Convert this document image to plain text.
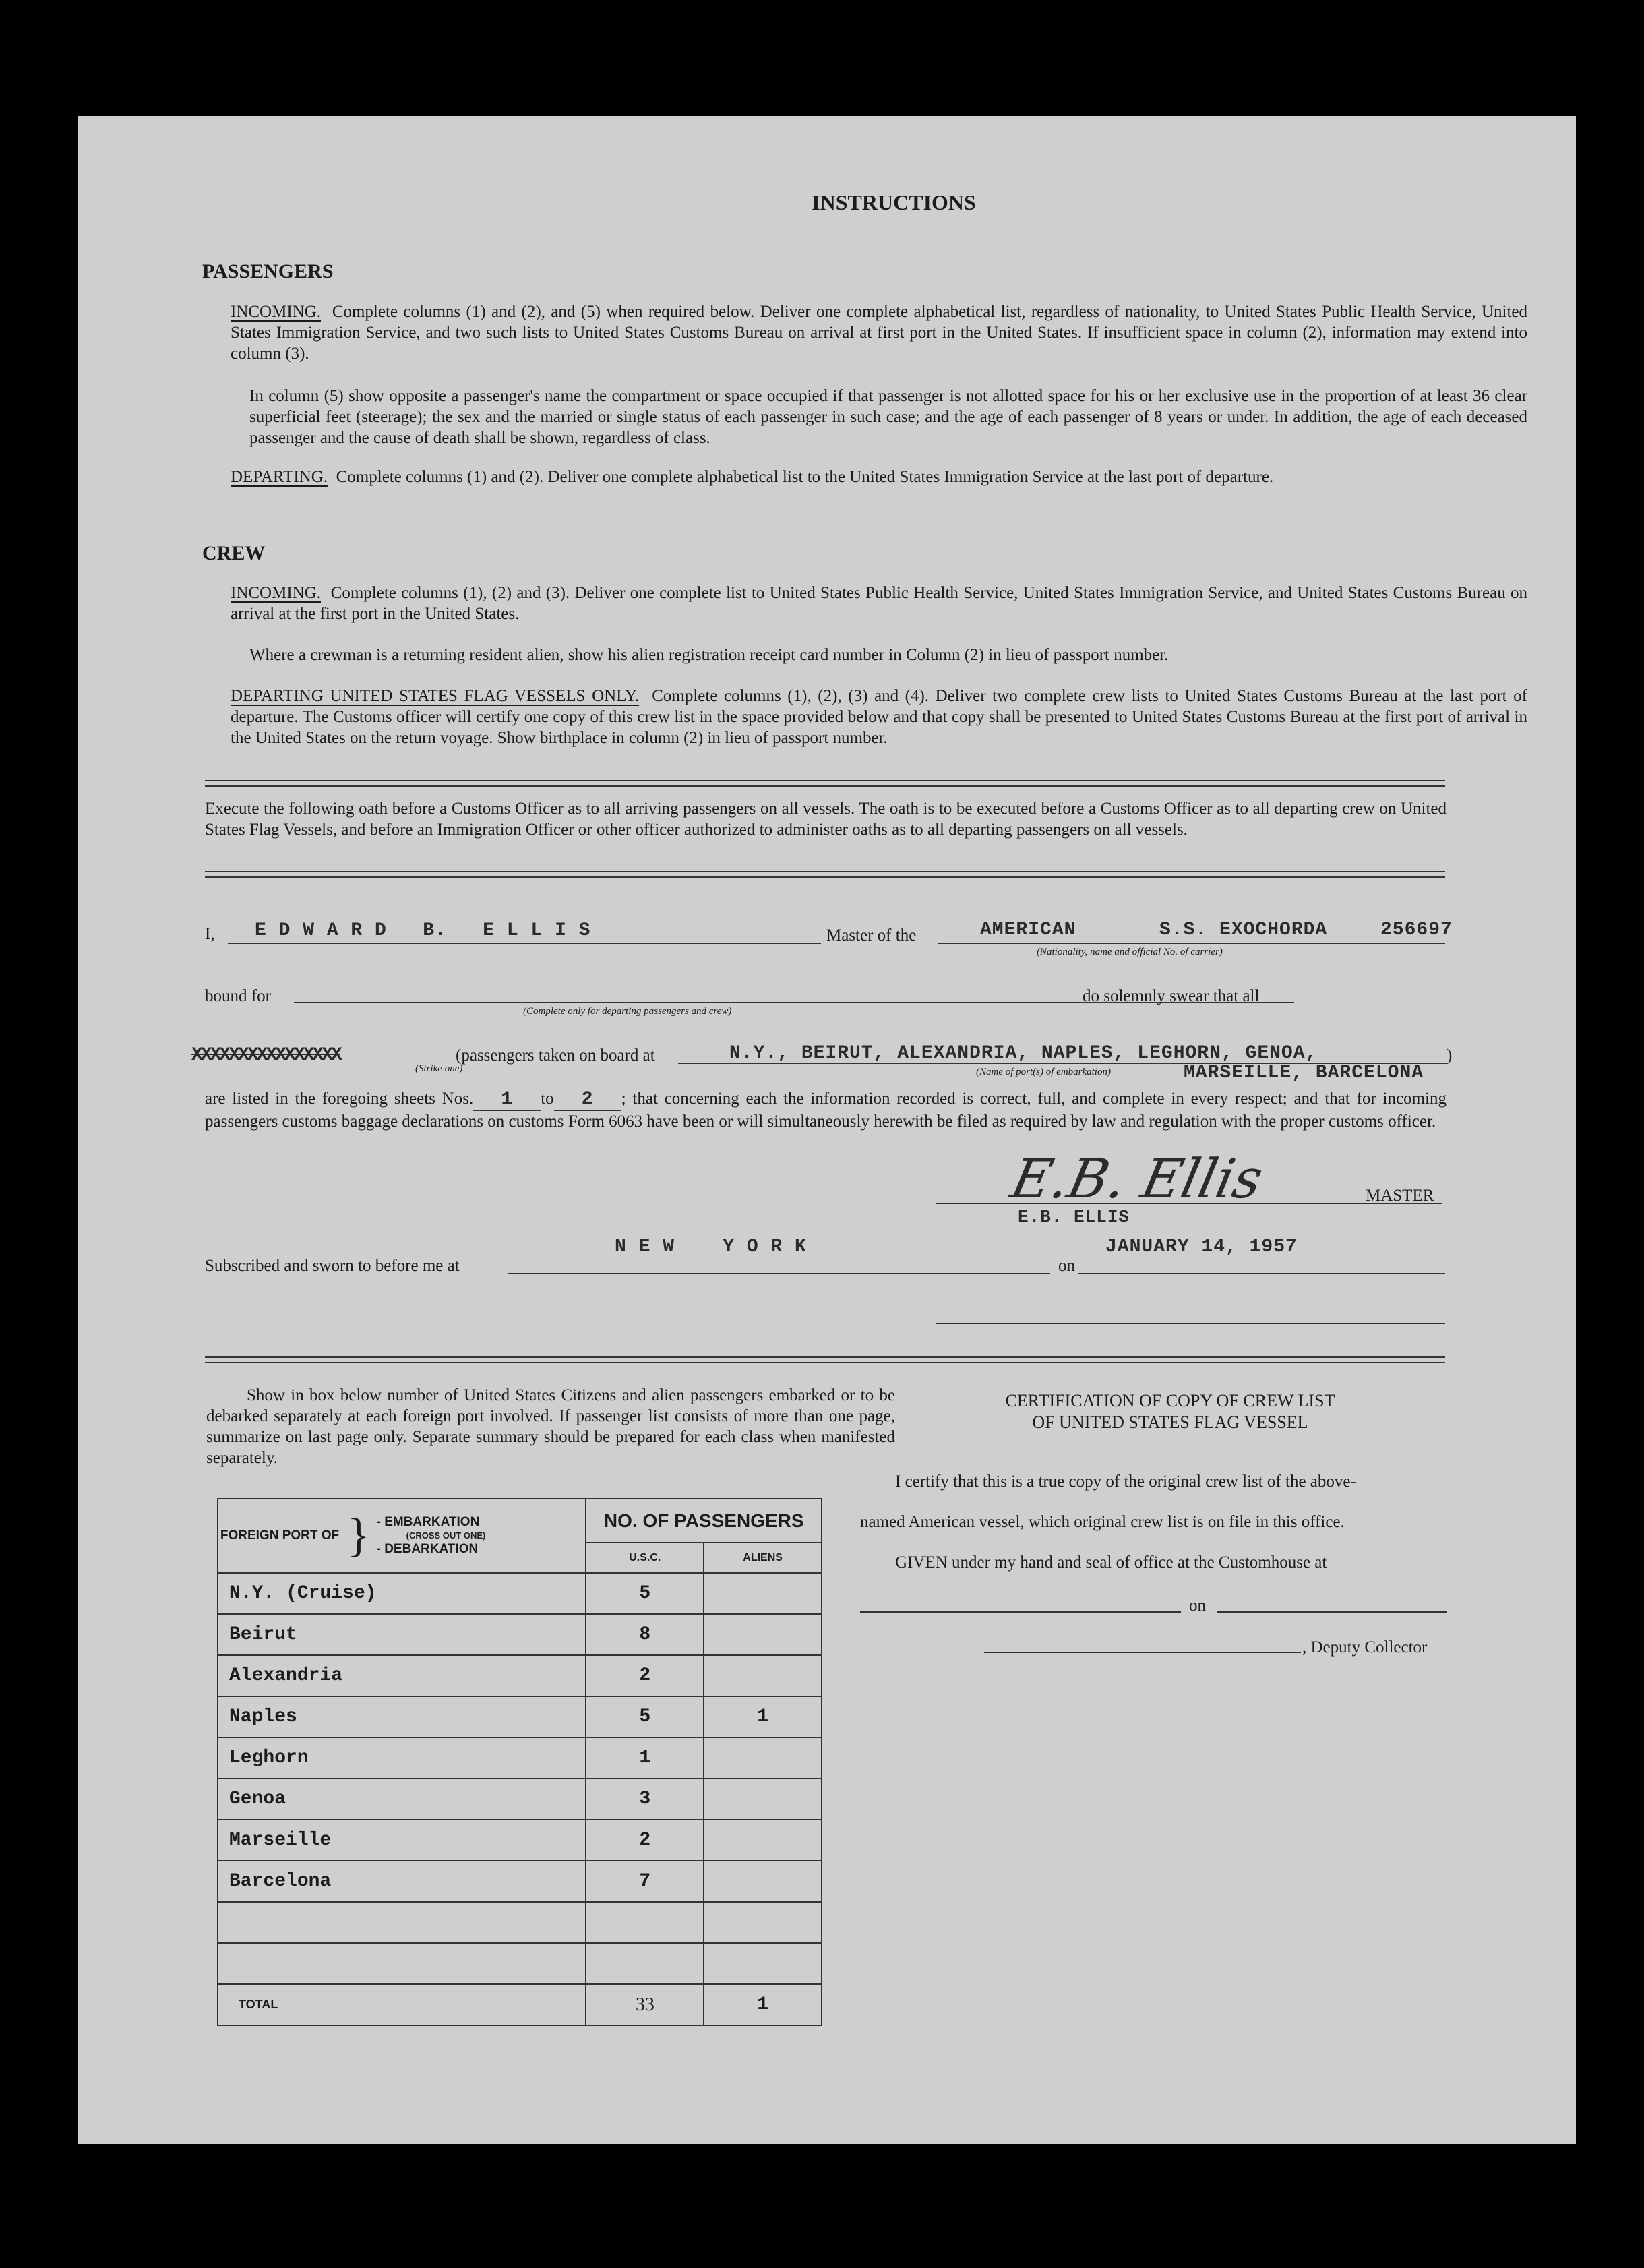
INSTRUCTIONS
PASSENGERS
INCOMING. Complete columns (1) and (2), and (5) when required below. Deliver one complete alphabetical list, regardless of nationality, to United States Public Health Service, United States Immigration Service, and two such lists to United States Customs Bureau on arrival at first port in the United States. If insufficient space in column (2), information may extend into column (3).
In column (5) show opposite a passenger's name the compartment or space occupied if that passenger is not allotted space for his or her exclusive use in the proportion of at least 36 clear superficial feet (steerage); the sex and the married or single status of each passenger in such case; and the age of each passenger of 8 years or under. In addition, the age of each deceased passenger and the cause of death shall be shown, regardless of class.
DEPARTING. Complete columns (1) and (2). Deliver one complete alphabetical list to the United States Immigration Service at the last port of departure.
CREW
INCOMING. Complete columns (1), (2) and (3). Deliver one complete list to United States Public Health Service, United States Immigration Service, and United States Customs Bureau on arrival at the first port in the United States.
Where a crewman is a returning resident alien, show his alien registration receipt card number in Column (2) in lieu of passport number.
DEPARTING UNITED STATES FLAG VESSELS ONLY. Complete columns (1), (2), (3) and (4). Deliver two complete crew lists to United States Customs Bureau at the last port of departure. The Customs officer will certify one copy of this crew list in the space provided below and that copy shall be presented to United States Customs Bureau at the first port of arrival in the United States on the return voyage. Show birthplace in column (2) in lieu of passport number.
Execute the following oath before a Customs Officer as to all arriving passengers on all vessels. The oath is to be executed before a Customs Officer as to all departing crew on United States Flag Vessels, and before an Immigration Officer or other officer authorized to administer oaths as to all departing passengers on all vessels.
I, E D W A R D   B.   E L L I S	Master of the	AMERICAN	S.S. EXOCHORDA	256697
(Nationality, name and official No. of carrier)
bound for
(Complete only for departing passengers and crew)
do solemnly swear that all
XXXXXXXXXXXXXXXX
(Strike one)
(passengers taken on board at	N.Y., BEIRUT, ALEXANDRIA, NAPLES, LEGHORN, GENOA,	)
(Name of port(s) of embarkation)	MARSEILLE, BARCELONA
are listed in the foregoing sheets Nos. 1 to 2 ; that concerning each the information recorded is correct, full, and complete in every respect; and that for incoming passengers customs baggage declarations on customs Form 6063 have been or will simultaneously herewith be filed as required by law and regulation with the proper customs officer.
E.B. Ellis	MASTER
E.B. ELLIS
Subscribed and sworn to before me at
N E W    Y O R K
on
JANUARY 14, 1957
Show in box below number of United States Citizens and alien passengers embarked or to be debarked separately at each foreign port involved. If passenger list consists of more than one page, summarize on last page only. Separate summary should be prepared for each class when manifested separately.
CERTIFICATION OF COPY OF CREW LIST
OF UNITED STATES FLAG VESSEL
I certify that this is a true copy of the original crew list of the above-
named American vessel, which original crew list is on file in this office.
GIVEN under my hand and seal of office at the Customhouse at
on
, Deputy Collector
FOREIGN PORT OF } - EMBARKATION
(CROSS OUT ONE)
- DEBARKATION	NO. OF PASSENGERS	
	U.S.C.	ALIENS
N.Y. (Cruise)	5	
Beirut	8	
Alexandria	2	
Naples	5	1
Leghorn	1	
Genoa	3	
Marseille	2	
Barcelona	7	

TOTAL	33	1
